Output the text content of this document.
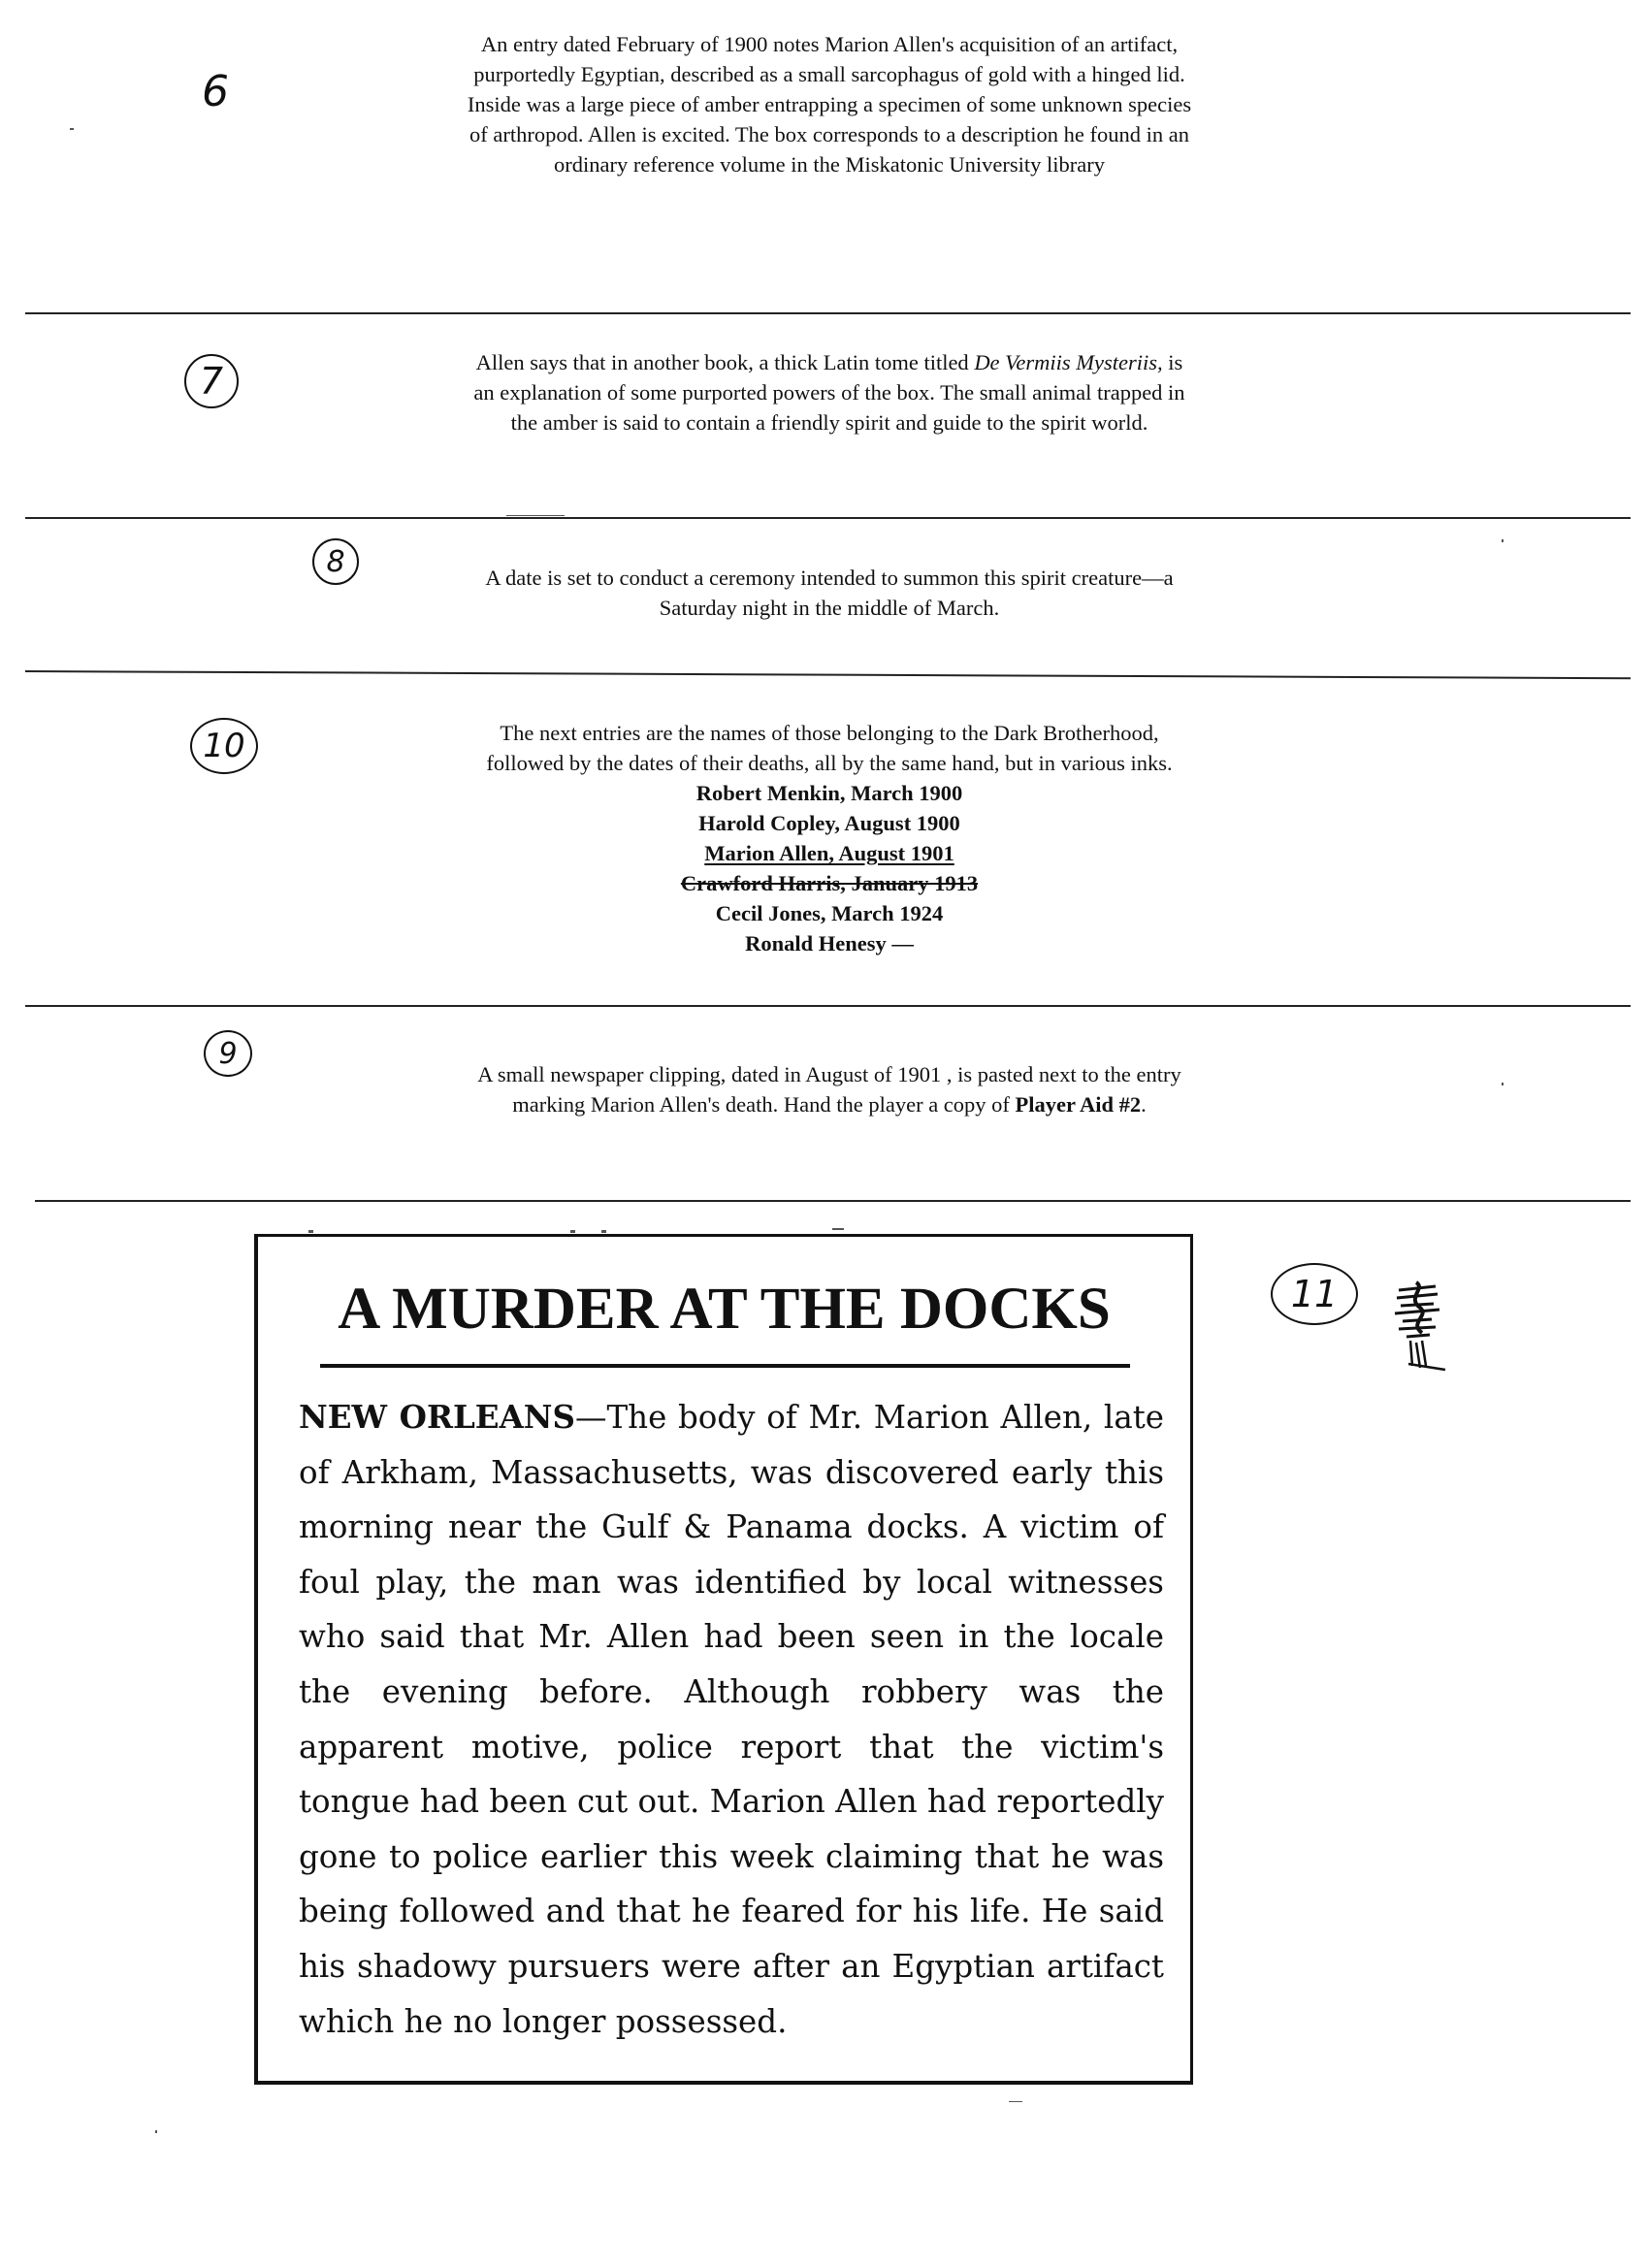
6

An entry dated February of 1900 notes Marion Allen's acquisition of an artifact, purportedly Egyptian, described as a small sarcophagus of gold with a hinged lid. Inside was a large piece of amber entrapping a specimen of some unknown species of arthropod. Allen is excited. The box corresponds to a description he found in an ordinary reference volume in the Miskatonic University library

7	Allen says that in another book, a thick Latin tome titled De Vermiis Mysteriis, is an explanation of some purported powers of the box. The small animal trapped in the amber is said to contain a friendly spirit and guide to the spirit world.

8	A date is set to conduct a ceremony intended to summon this spirit creature—a Saturday night in the middle of March.

10	The next entries are the names of those belonging to the Dark Brotherhood, followed by the dates of their deaths, all by the same hand, but in various inks.

Robert Menkin, March 1900
Harold Copley, August 1900
Marion Allen, August 1901
Crawford Harris, January 1913
Cecil Jones, March 1924
Ronald Henesy —
9

A small newspaper clipping, dated in August of 1901 , is pasted next to the entry marking Marion Allen's death. Hand the player a copy of Player Aid #2.

A MURDER AT THE DOCKS
NEW ORLEANS—The body of Mr. Marion Allen, late of Arkham, Massachusetts, was discovered early this morning near the Gulf & Panama docks. A victim of foul play, the man was identified by local witnesses who said that Mr. Allen had been seen in the locale the evening before. Although robbery was the apparent motive, police report that the victim's tongue had been cut out. Marion Allen had reportedly gone to police earlier this week claiming that he was being followed and that he feared for his life. He said his shadowy pursuers were after an Egyptian artifact which he no longer possessed.
11
